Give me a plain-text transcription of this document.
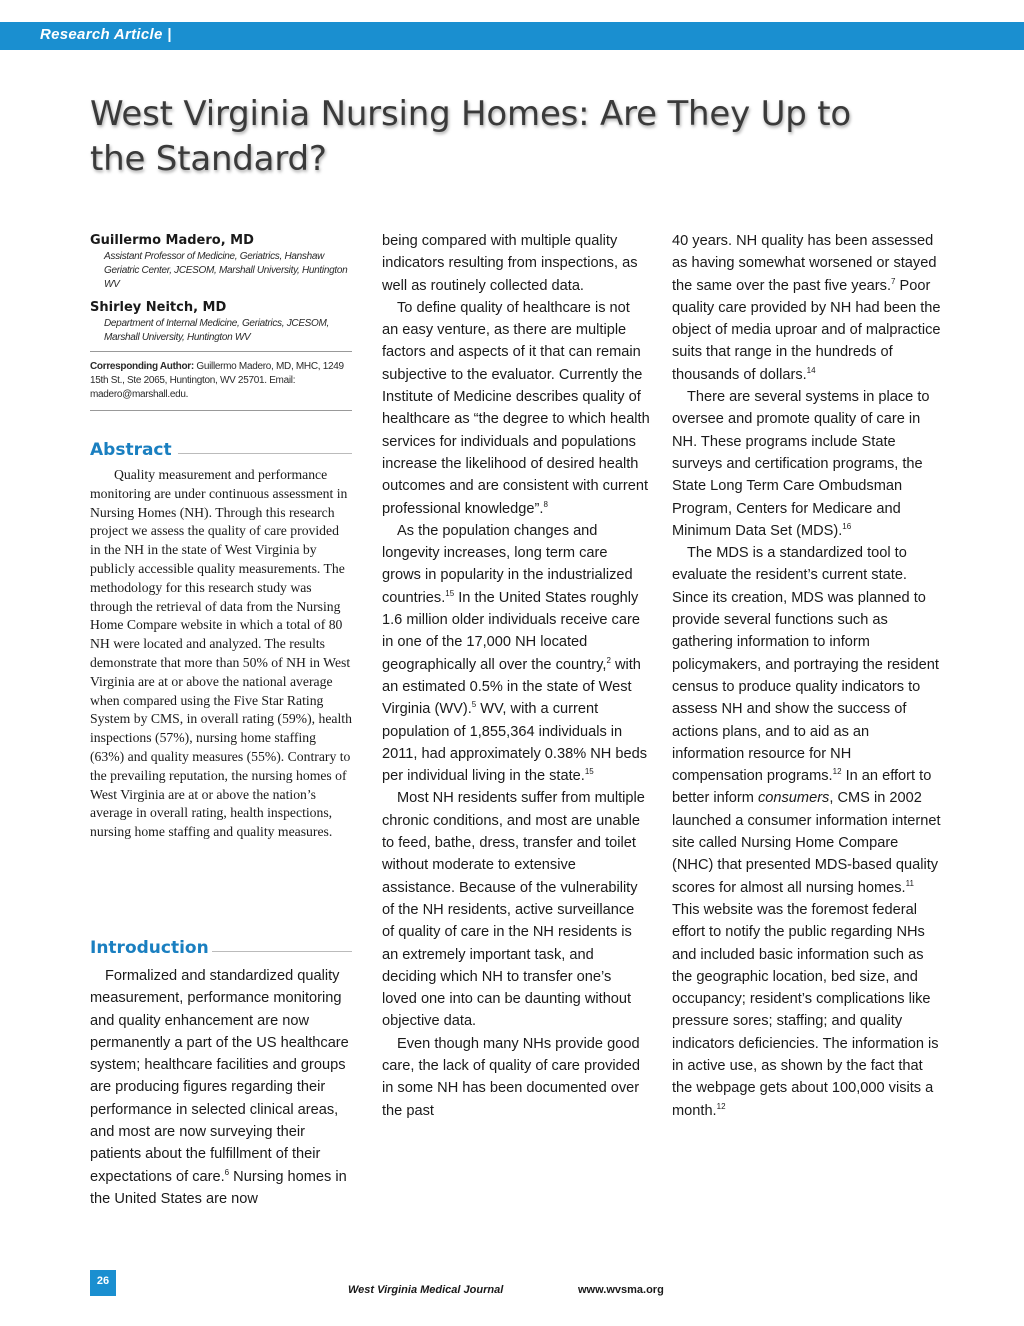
Research Article |
West Virginia Nursing Homes: Are They Up to the Standard?

Guillermo Madero, MD

Assistant Professor of Medicine, Geriatrics, Hanshaw Geriatric Center, JCESOM, Marshall University, Huntington WV

Shirley Neitch, MD

Department of Internal Medicine, Geriatrics, JCESOM, Marshall University, Huntington WV

Corresponding Author: Guillermo Madero, MD, MHC, 1249 15th St., Ste 2065, Huntington, WV 25701. Email: madero@marshall.edu.
Abstract

Quality measurement and performance monitoring are under continuous assessment in Nursing Homes (NH). Through this research project we assess the quality of care provided in the NH in the state of West Virginia by publicly accessible quality measurements. The methodology for this research study was through the retrieval of data from the Nursing Home Compare website in which a total of 80 NH were located and analyzed. The results demonstrate that more than 50% of NH in West Virginia are at or above the national average when compared using the Five Star Rating System by CMS, in overall rating (59%), health inspections (57%), nursing home staffing (63%) and quality measures (55%). Contrary to the prevailing reputation, the nursing homes of West Virginia are at or above the nation’s average in overall rating, health inspections, nursing home staffing and quality measures.

Introduction

Formalized and standardized quality measurement, performance monitoring and quality enhancement are now permanently a part of the US healthcare system; healthcare facilities and groups are producing figures regarding their performance in selected clinical areas, and most are now surveying their patients about the fulfillment of their expectations of care.$^6$ Nursing homes in the United States are now

being compared with multiple quality indicators resulting from inspections, as well as routinely collected data.

To define quality of healthcare is not an easy venture, as there are multiple factors and aspects of it that can remain subjective to the evaluator. Currently the Institute of Medicine describes quality of healthcare as “the degree to which health services for individuals and populations increase the likelihood of desired health outcomes and are consistent with current professional knowledge”.$^8$

As the population changes and longevity increases, long term care grows in popularity in the industrialized countries.$^{15}$ In the United States roughly 1.6 million older individuals receive care in one of the 17,000 NH located geographically all over the country,$^2$ with an estimated 0.5% in the state of West Virginia (WV).$^5$ WV, with a current population of 1,855,364 individuals in 2011, had approximately 0.38% NH beds per individual living in the state.$^{15}$

Most NH residents suffer from multiple chronic conditions, and most are unable to feed, bathe, dress, transfer and toilet without moderate to extensive assistance. Because of the vulnerability of the NH residents, active surveillance of quality of care in the NH residents is an extremely important task, and deciding which NH to transfer one’s loved one into can be daunting without objective data.

Even though many NHs provide good care, the lack of quality of care provided in some NH has been documented over the past

40 years. NH quality has been assessed as having somewhat worsened or stayed the same over the past five years.$^7$ Poor quality care provided by NH had been the object of media uproar and of malpractice suits that range in the hundreds of thousands of dollars.$^{14}$

There are several systems in place to oversee and promote quality of care in NH. These programs include State surveys and certification programs, the State Long Term Care Ombudsman Program, Centers for Medicare and Minimum Data Set (MDS).$^{16}$

The MDS is a standardized tool to evaluate the resident’s current state. Since its creation, MDS was planned to provide several functions such as gathering information to inform policymakers, and portraying the resident census to produce quality indicators to assess NH and show the success of actions plans, and to aid as an information resource for NH compensation programs.$^{12}$ In an effort to better inform consumers, CMS in 2002 launched a consumer information internet site called Nursing Home Compare (NHC) that presented MDS-based quality scores for almost all nursing homes.$^{11}$ This website was the foremost federal effort to notify the public regarding NHs and included basic information such as the geographic location, bed size, and occupancy; resident’s complications like pressure sores; staffing; and quality indicators deficiencies. The information is in active use, as shown by the fact that the webpage gets about 100,000 visits a month.$^{12}$

26
West Virginia Medical Journal	www.wvsma.org
